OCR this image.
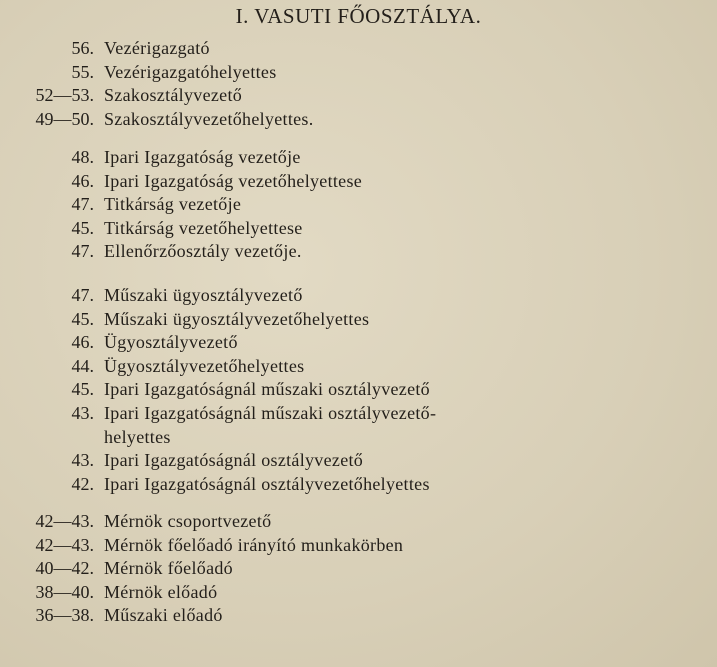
I. VASUTI FŐOSZTÁLYA.
56. Vezérigazgató
55. Vezérigazgatóhelyettes
52—53. Szakosztályvezető
49—50. Szakosztályvezetőhelyettes.
48. Ipari Igazgatóság vezetője
46. Ipari Igazgatóság vezetőhelyettese
47. Titkárság vezetője
45. Titkárság vezetőhelyettese
47. Ellenőrzőosztály vezetője.
47. Műszaki ügyosztályvezető
45. Műszaki ügyosztályvezetőhelyettes
46. Ügyosztályvezető
44. Ügyosztályvezetőhelyettes
45. Ipari Igazgatóságnál műszaki osztályvezető
43. Ipari Igazgatóságnál műszaki osztályvezető-
helyettes
43. Ipari Igazgatóságnál osztályvezető
42. Ipari Igazgatóságnál osztályvezetőhelyettes
42—43. Mérnök csoportvezető
42—43. Mérnök főelőadó irányító munkakörben
40—42. Mérnök főelőadó
38—40. Mérnök előadó
36—38. Műszaki előadó
